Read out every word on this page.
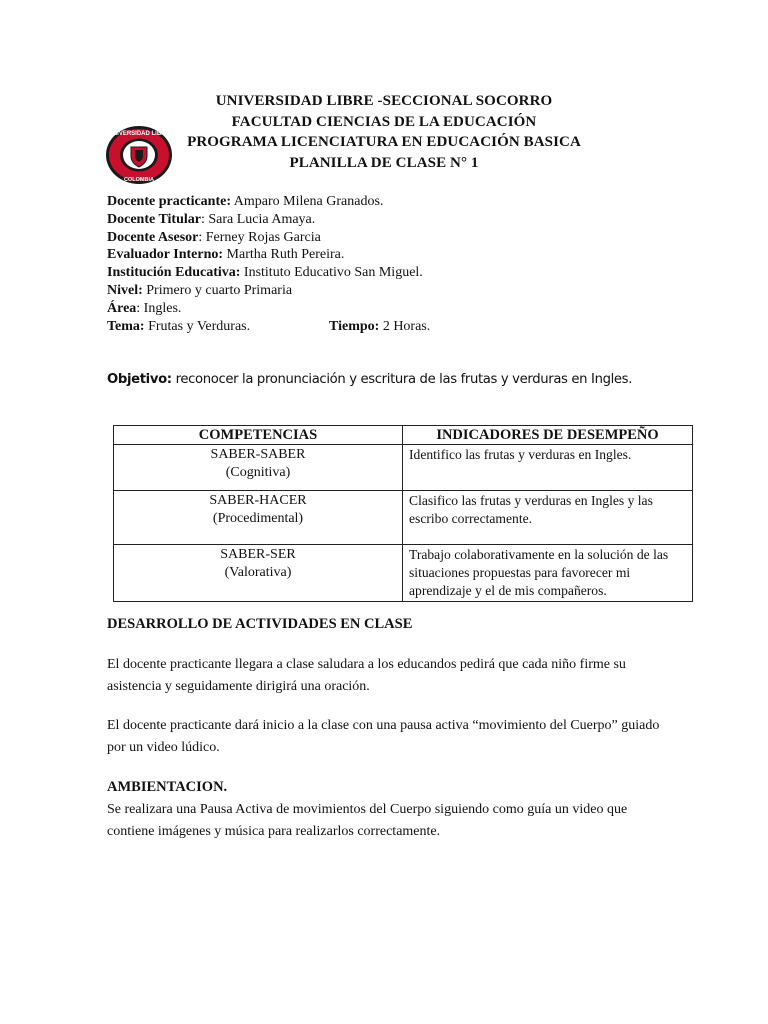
UNIVERSIDAD LIBRE
COLOMBIA
UNIVERSIDAD LIBRE -SECCIONAL SOCORRO
FACULTAD CIENCIAS DE LA EDUCACIÓN
PROGRAMA LICENCIATURA EN EDUCACIÓN BASICA
PLANILLA DE CLASE N° 1
Docente practicante: Amparo Milena Granados.
Docente Titular: Sara Lucia Amaya.
Docente Asesor: Ferney Rojas Garcia
Evaluador Interno: Martha Ruth Pereira.
Institución Educativa: Instituto Educativo San Miguel.
Nivel: Primero y cuarto Primaria
Área: Ingles.
Tema: Frutas y Verduras.	Tiempo: 2 Horas.
Objetivo: reconocer la pronunciación y escritura de las frutas y verduras en Ingles.
COMPETENCIAS	INDICADORES DE DESEMPEÑO

SABER-SABER
(Cognitiva)	Identifico las frutas y verduras en Ingles.

SABER-HACER
(Procedimental)	Clasifico las frutas y verduras en Ingles y las escribo correctamente.

SABER-SER
(Valorativa)	Trabajo colaborativamente en la solución de las situaciones propuestas para favorecer mi aprendizaje y el de mis compañeros.
DESARROLLO DE ACTIVIDADES EN CLASE
El docente practicante llegara a clase saludara a los educandos pedirá que cada niño firme su asistencia y seguidamente dirigirá una oración.
El docente practicante dará inicio a la clase con una pausa activa “movimiento del Cuerpo” guiado por un video lúdico.
AMBIENTACION.
Se realizara una Pausa Activa de movimientos del Cuerpo siguiendo como guía un video que contiene imágenes y música para realizarlos correctamente.
